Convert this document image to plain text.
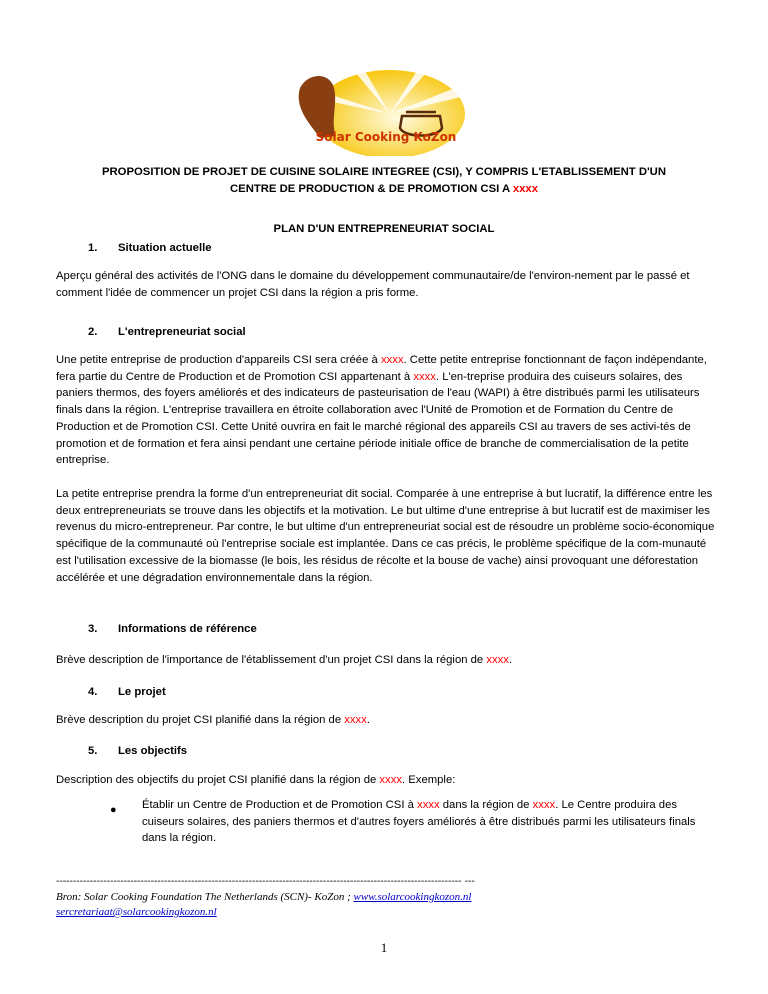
Solar Cooking KoZon
PROPOSITION DE PROJET DE CUISINE SOLAIRE INTEGREE (CSI), Y COMPRIS L'ETABLISSEMENT D'UN
CENTRE DE PRODUCTION & DE PROMOTION CSI A xxxx
PLAN D'UN ENTREPRENEURIAT SOCIAL
1. Situation actuelle
Aperçu général des activités de l'ONG dans le domaine du développement communautaire/de l'environ-nement par le passé et comment l'idée de commencer un projet CSI dans la région a pris forme.
2. L'entrepreneuriat social
Une petite entreprise de production d'appareils CSI sera créée à xxxx. Cette petite entreprise fonctionnant de façon indépendante, fera partie du Centre de Production et de Promotion CSI appartenant à xxxx. L'en-treprise produira des cuiseurs solaires, des paniers thermos, des foyers améliorés et des indicateurs de pasteurisation de l'eau (WAPI) à être distribués parmi les utilisateurs finals dans la région. L'entreprise travaillera en étroite collaboration avec l'Unité de Promotion et de Formation du Centre de Production et de Promotion CSI. Cette Unité ouvrira en fait le marché régional des appareils CSI au travers de ses activi-tés de promotion et de formation et fera ainsi pendant une certaine période initiale office de branche de commercialisation de la petite entreprise.
La petite entreprise prendra la forme d'un entrepreneuriat dit social. Comparée à une entreprise à but lucratif, la différence entre les deux entrepreneuriats se trouve dans les objectifs et la motivation. Le but ultime d'une entreprise à but lucratif est de maximiser les revenus du micro-entrepreneur. Par contre, le but ultime d'un entrepreneuriat social est de résoudre un problème socio-économique spécifique de la communauté où l'entreprise sociale est implantée. Dans ce cas précis, le problème spécifique de la com-munauté est l'utilisation excessive de la biomasse (le bois, les résidus de récolte et la bouse de vache) ainsi provoquant une déforestation accélérée et une dégradation environnementale dans la région.
3. Informations de référence
Brève description de l'importance de l'établissement d'un projet CSI dans la région de xxxx.
4. Le projet
Brève description du projet CSI planifié dans la région de xxxx.
5. Les objectifs
Description des objectifs du projet CSI planifié dans la région de xxxx. Exemple:
● Établir un Centre de Production et de Promotion CSI à xxxx dans la région de xxxx. Le Centre produira des cuiseurs solaires, des paniers thermos et d'autres foyers améliorés à être distribués parmi les utilisateurs finals dans la région.
------------------------------------------------------------------------------------------------------------------------ ---
Bron: Solar Cooking Foundation The Netherlands (SCN)- KoZon ; www.solarcookingkozon.nl
sercretariaat@solarcookingkozon.nl
1
